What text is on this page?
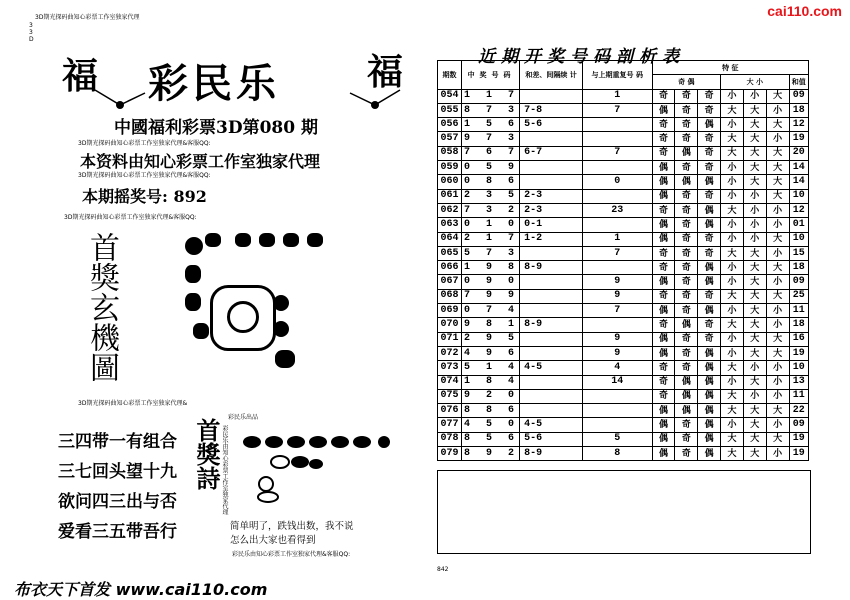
cai110.com
3D期光探码曲知心彩票工作室独家代理
3
3
D
福 彩民乐 福
中國福利彩票3D第080 期
3D期光探码曲知心彩票工作室独家代理&客服QQ:
本资料由知心彩票工作室独家代理
3D期光探码曲知心彩票工作室独家代理&客服QQ:
本期摇奖号: 892
3D期光探码曲知心彩票工作室独家代理&客服QQ:
首獎玄機圖
3D期光探码曲知心彩票工作室独家代理&
彩民乐出品
三四带一有组合
三七回头望十九
欲问四三出与否
爱看三五带吾行
首獎詩 彩民乐由知心彩票工作室独家代理
简单明了，跌钱出数，我不说
怎么出大家也看得到
彩民乐由知心彩票工作室独家代理&客服QQ:
布衣天下首发 www.cai110.com
近期开奖号码剖析表
期数	中奖号码	和差、间隔续 计	与上期重复号 码	特 征						
				奇 偶			大 小			和值
054	1 1 7		1	奇	奇	奇	小	小	大	09
055	8 7 3	7-8	7	偶	奇	奇	大	大	小	18
056	1 5 6	5-6		奇	奇	偶	小	大	大	12
057	9 7 3			奇	奇	奇	大	大	小	19
058	7 6 7	6-7	7	奇	偶	奇	大	大	大	20
059	0 5 9			偶	奇	奇	小	大	大	14
060	0 8 6		0	偶	偶	偶	小	大	大	14
061	2 3 5	2-3		偶	奇	奇	小	小	大	10
062	7 3 2	2-3	23	奇	奇	偶	大	小	小	12
063	0 1 0	0-1		偶	奇	偶	小	小	小	01
064	2 1 7	1-2	1	偶	奇	奇	小	小	大	10
065	5 7 3		7	奇	奇	奇	大	大	小	15
066	1 9 8	8-9		奇	奇	偶	小	大	大	18
067	0 9 0		9	偶	奇	偶	小	大	小	09
068	7 9 9		9	奇	奇	奇	大	大	大	25
069	0 7 4		7	偶	奇	偶	小	大	小	11
070	9 8 1	8-9		奇	偶	奇	大	大	小	18
071	2 9 5		9	偶	奇	奇	小	大	大	16
072	4 9 6		9	偶	奇	偶	小	大	大	19
073	5 1 4	4-5	4	奇	奇	偶	大	小	小	10
074	1 8 4		14	奇	偶	偶	小	大	小	13
075	9 2 0			奇	偶	偶	大	小	小	11
076	8 8 6			偶	偶	偶	大	大	大	22
077	4 5 0	4-5		偶	奇	偶	小	大	小	09
078	8 5 6	5-6	5	偶	奇	偶	大	大	大	19
079	8 9 2	8-9	8	偶	奇	偶	大	大	小	19
842
